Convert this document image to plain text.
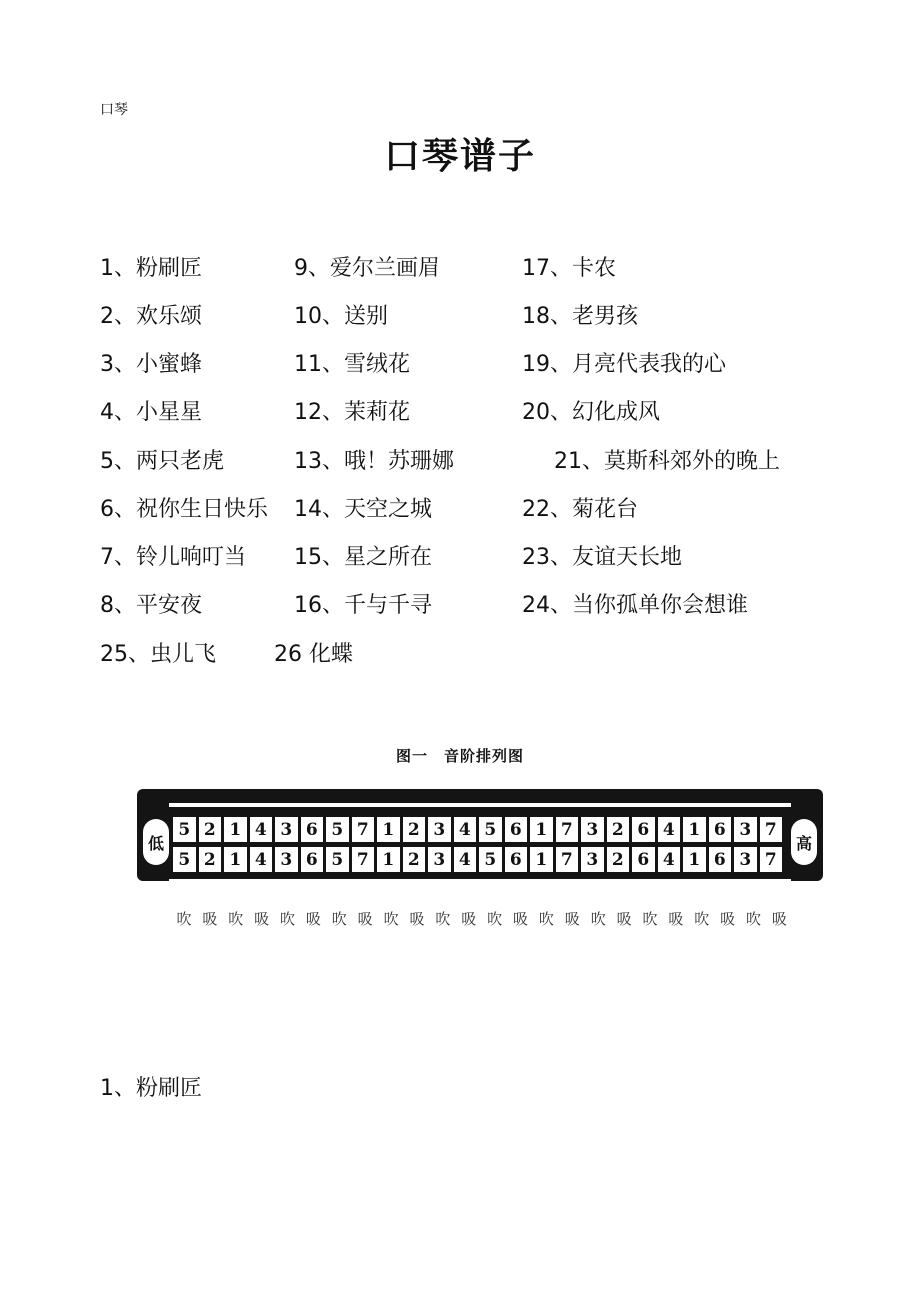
口琴
口琴谱子
1、粉刷匠
2、欢乐颂
3、小蜜蜂
4、小星星
5、两只老虎
6、祝你生日快乐
7、铃儿响叮当
8、平安夜
25、虫儿飞
9、爱尔兰画眉
10、送别
11、雪绒花
12、茉莉花
13、哦！苏珊娜
14、天空之城
15、星之所在
16、千与千寻
26 化蝶
17、卡农
18、老男孩
19、月亮代表我的心
20、幻化成风
21、莫斯科郊外的晚上
22、菊花台
23、友谊天长地
24、当你孤单你会想谁
图一　音阶排列图
低	高
5 2 1 4 3 6 5 7 1 2 3 4 5 6 1 7 3 2 6 4 1 6 3 7
5 2 1 4 3 6 5 7 1 2 3 4 5 6 1 7 3 2 6 4 1 6 3 7
吹 吸 吹 吸 吹 吸 吹 吸 吹 吸 吹 吸 吹 吸 吹 吸 吹 吸 吹 吸 吹 吸 吹 吸
1、粉刷匠
